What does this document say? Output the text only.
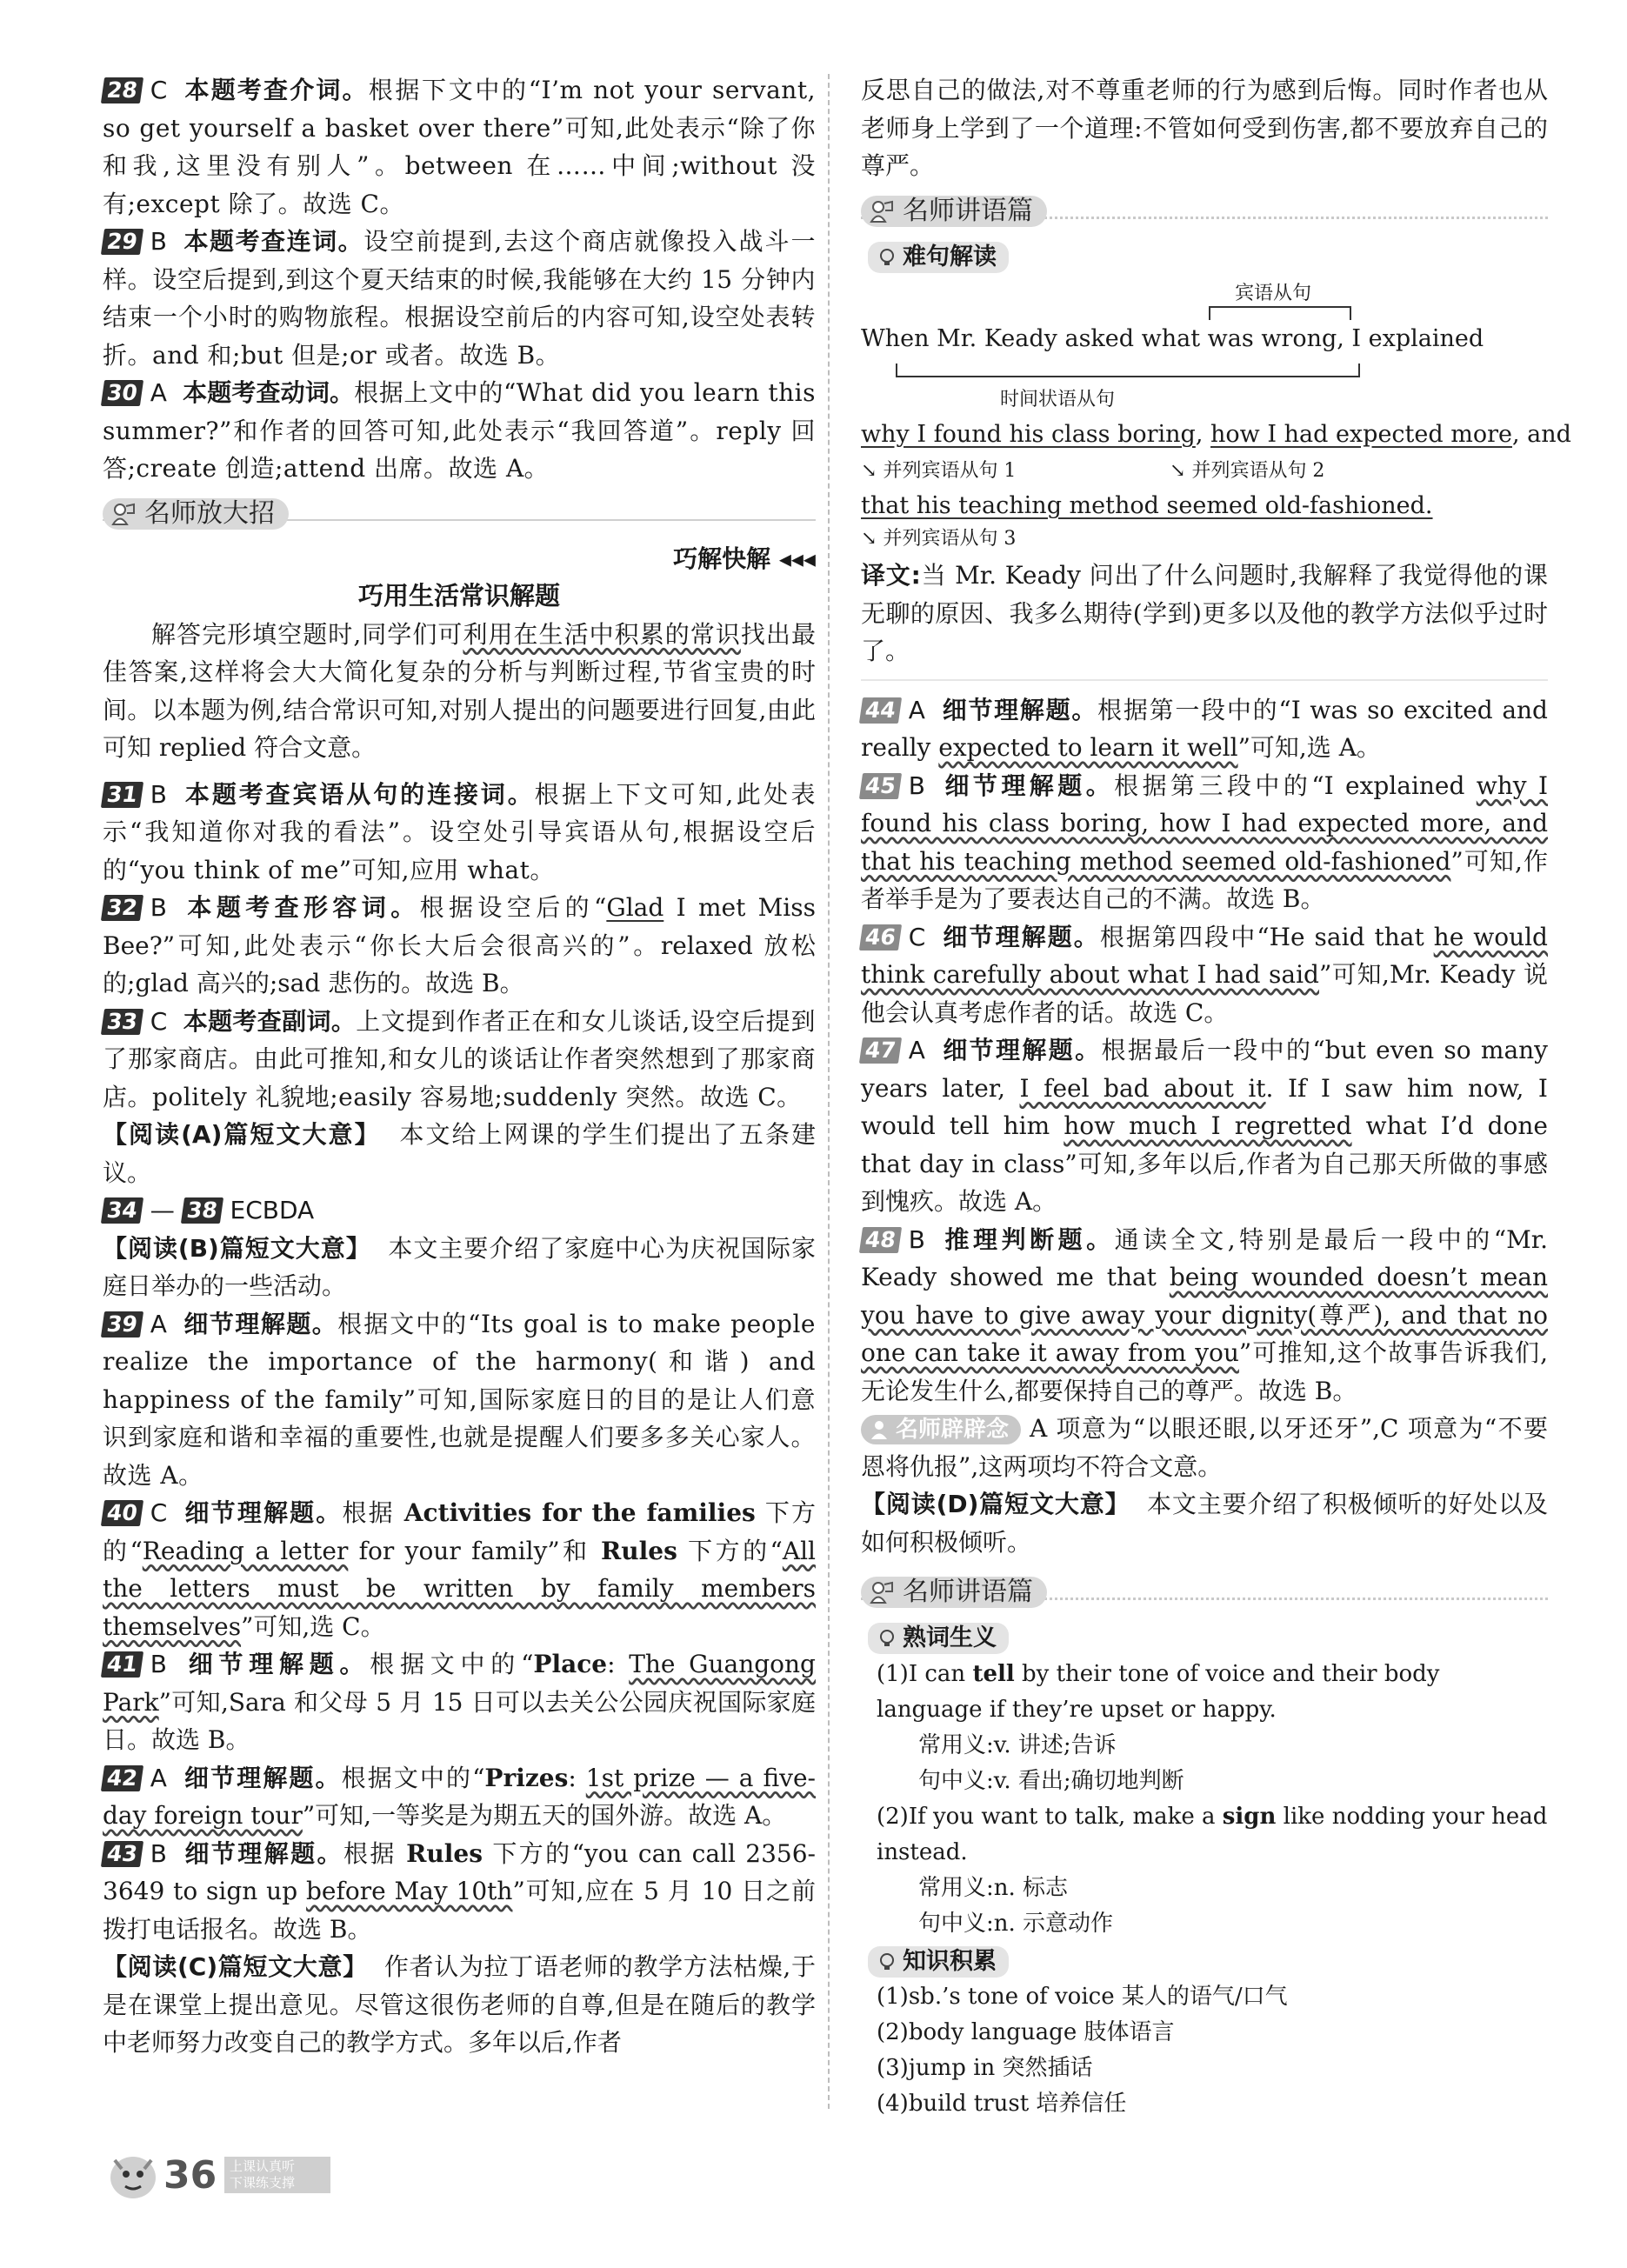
28 C 本题考查介词。根据下文中的“I’m not your servant, so get yourself a basket over there”可知,此处表示“除了你和我,这里没有别人”。between 在……中间;without 没有;except 除了。故选 C。

29 B 本题考查连词。设空前提到,去这个商店就像投入战斗一样。设空后提到,到这个夏天结束的时候,我能够在大约 15 分钟内结束一个小时的购物旅程。根据设空前后的内容可知,设空处表转折。and 和;but 但是;or 或者。故选 B。

30 A 本题考查动词。根据上文中的“What did you learn this summer?”和作者的回答可知,此处表示“我回答道”。reply 回答;create 创造;attend 出席。故选 A。

名师放大招
巧解快解 ◂◂◂
巧用生活常识解题

解答完形填空题时,同学们可利用在生活中积累的常识找出最佳答案,这样将会大大简化复杂的分析与判断过程,节省宝贵的时间。以本题为例,结合常识可知,对别人提出的问题要进行回复,由此可知 replied 符合文意。

31 B 本题考查宾语从句的连接词。根据上下文可知,此处表示“我知道你对我的看法”。设空处引导宾语从句,根据设空后的“you think of me”可知,应用 what。

32 B 本题考查形容词。根据设空后的“Glad I met Miss Bee?”可知,此处表示“你长大后会很高兴的”。relaxed 放松的;glad 高兴的;sad 悲伤的。故选 B。

33 C 本题考查副词。上文提到作者正在和女儿谈话,设空后提到了那家商店。由此可推知,和女儿的谈话让作者突然想到了那家商店。politely 礼貌地;easily 容易地;suddenly 突然。故选 C。

【阅读(A)篇短文大意】 本文给上网课的学生们提出了五条建议。

34 — 38 ECBDA

【阅读(B)篇短文大意】 本文主要介绍了家庭中心为庆祝国际家庭日举办的一些活动。

39 A 细节理解题。根据文中的“Its goal is to make people realize the importance of the harmony(和谐) and happiness of the family”可知,国际家庭日的目的是让人们意识到家庭和谐和幸福的重要性,也就是提醒人们要多多关心家人。故选 A。

40 C 细节理解题。根据 Activities for the families 下方的“Reading a letter for your family”和 Rules 下方的“All the letters must be written by family members themselves”可知,选 C。

41 B 细节理解题。根据文中的“Place: The Guangong Park”可知,Sara 和父母 5 月 15 日可以去关公公园庆祝国际家庭日。故选 B。

42 A 细节理解题。根据文中的“Prizes: 1st prize — a five-day foreign tour”可知,一等奖是为期五天的国外游。故选 A。

43 B 细节理解题。根据 Rules 下方的“you can call 2356-3649 to sign up before May 10th”可知,应在 5 月 10 日之前拨打电话报名。故选 B。

【阅读(C)篇短文大意】 作者认为拉丁语老师的教学方法枯燥,于是在课堂上提出意见。尽管这很伤老师的自尊,但是在随后的教学中老师努力改变自己的教学方式。多年以后,作者

反思自己的做法,对不尊重老师的行为感到后悔。同时作者也从老师身上学到了一个道理:不管如何受到伤害,都不要放弃自己的尊严。

名师讲语篇
难句解读
宾语从句
When Mr. Keady asked what was wrong, I explained
时间状语从句
why I found his class boring, how I had expected more, and
↘ 并列宾语从句 1	↘ 并列宾语从句 2
that his teaching method seemed old-fashioned.
↘ 并列宾语从句 3

译文:当 Mr. Keady 问出了什么问题时,我解释了我觉得他的课无聊的原因、我多么期待(学到)更多以及他的教学方法似乎过时了。

44 A 细节理解题。根据第一段中的“I was so excited and really expected to learn it well”可知,选 A。

45 B 细节理解题。根据第三段中的“I explained why I found his class boring, how I had expected more, and that his teaching method seemed old-fashioned”可知,作者举手是为了要表达自己的不满。故选 B。

46 C 细节理解题。根据第四段中“He said that he would think carefully about what I had said”可知,Mr. Keady 说他会认真考虑作者的话。故选 C。

47 A 细节理解题。根据最后一段中的“but even so many years later, I feel bad about it. If I saw him now, I would tell him how much I regretted what I’d done that day in class”可知,多年以后,作者为自己那天所做的事感到愧疚。故选 A。

48 B 推理判断题。通读全文,特别是最后一段中的“Mr. Keady showed me that being wounded doesn’t mean you have to give away your dignity(尊严), and that no one can take it away from you”可推知,这个故事告诉我们,无论发生什么,都要保持自己的尊严。故选 B。

名师辟辟念 A 项意为“以眼还眼,以牙还牙”,C 项意为“不要恩将仇报”,这两项均不符合文意。

【阅读(D)篇短文大意】 本文主要介绍了积极倾听的好处以及如何积极倾听。

名师讲语篇
熟词生义

(1)I can tell by their tone of voice and their body language if they’re upset or happy.

常用义:v. 讲述;告诉

句中义:v. 看出;确切地判断

(2)If you want to talk, make a sign like nodding your head instead.

常用义:n. 标志

句中义:n. 示意动作

知识积累

(1)sb.’s tone of voice 某人的语气/口气

(2)body language 肢体语言

(3)jump in 突然插话

(4)build trust 培养信任

36 上课认真听
下课练支撑
